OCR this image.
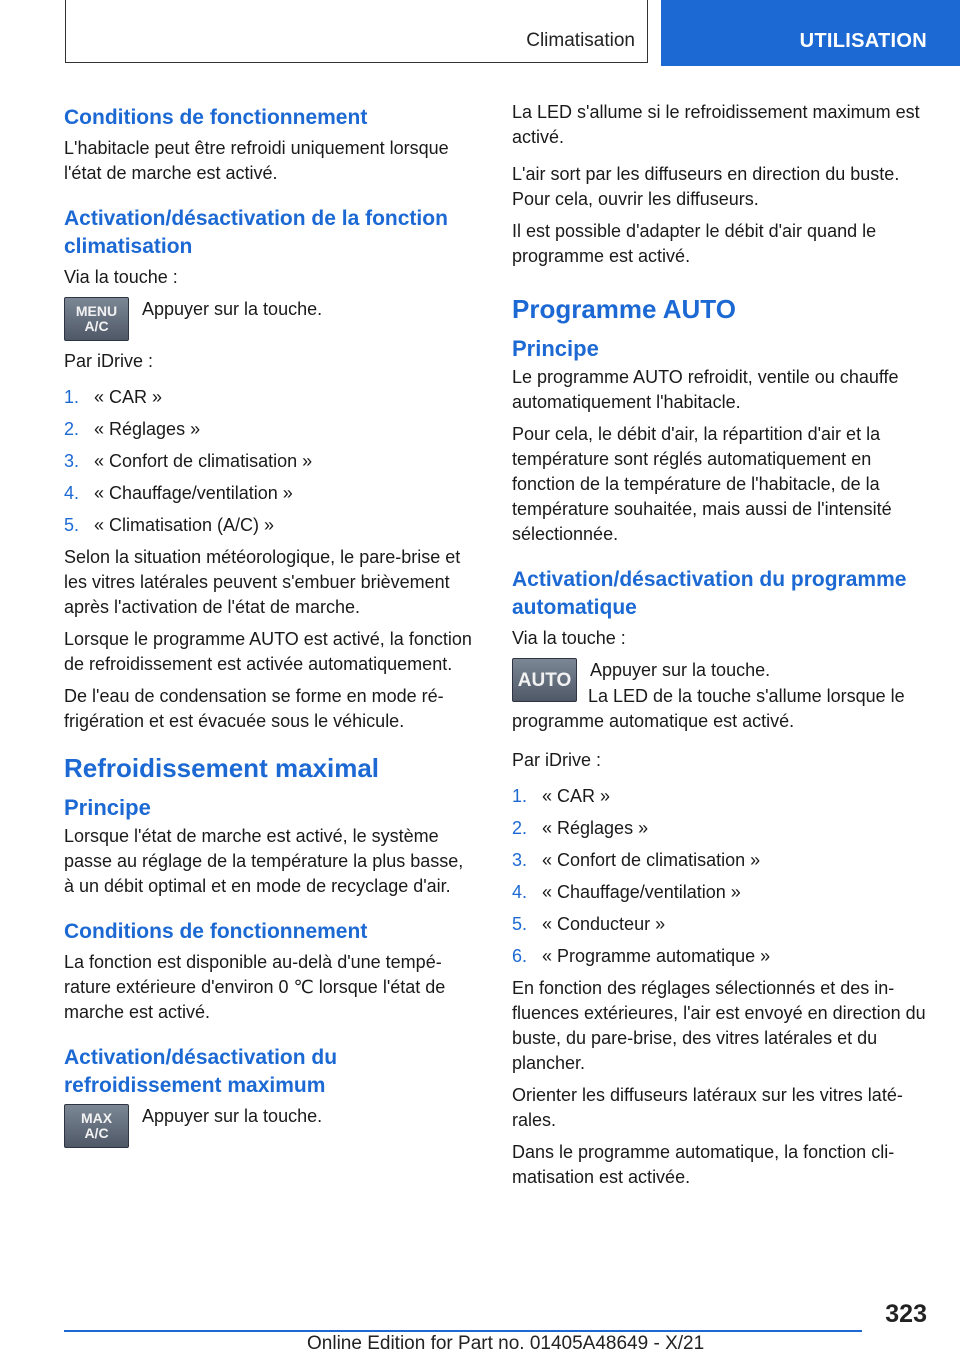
Climatisation	UTILISATION
Conditions de fonctionnement

L'habitacle peut être refroidi uniquement lorsque l'état de marche est activé.

Activation/désactivation de la fonction climatisation

Via la touche :

MENU
A/C
Appuyer sur la touche.

Par iDrive :

1. « CAR »
2. « Réglages »
3. « Confort de climatisation »
4. « Chauffage/ventilation »
5. « Climatisation (A/C) »

Selon la situation météorologique, le pare-brise et les vitres latérales peuvent s'embuer brièvement après l'activation de l'état de marche.

Lorsque le programme AUTO est activé, la fonction de refroidissement est activée automatiquement.

De l'eau de condensation se forme en mode réfrigération et est évacuée sous le véhicule.

Refroidissement maximal
Principe

Lorsque l'état de marche est activé, le système passe au réglage de la température la plus basse, à un débit optimal et en mode de recyclage d'air.

Conditions de fonctionnement

La fonction est disponible au-delà d'une température extérieure d'environ 0 ℃ lorsque l'état de marche est activé.

Activation/désactivation du refroidissement maximum
MAX
A/C
Appuyer sur la touche.

La LED s'allume si le refroidissement maximum est activé.

L'air sort par les diffuseurs en direction du buste. Pour cela, ouvrir les diffuseurs.

Il est possible d'adapter le débit d'air quand le programme est activé.

Programme AUTO
Principe

Le programme AUTO refroidit, ventile ou chauffe automatiquement l'habitacle.

Pour cela, le débit d'air, la répartition d'air et la température sont réglés automatiquement en fonction de la température de l'habitacle, de la température souhaitée, mais aussi de l'intensité sélectionnée.

Activation/désactivation du programme automatique

Via la touche :

AUTO Appuyer sur la touche.

La LED de la touche s'allume lorsque le programme automatique est activé.

Par iDrive :

1. « CAR »
2. « Réglages »
3. « Confort de climatisation »
4. « Chauffage/ventilation »
5. « Conducteur »
6. « Programme automatique »

En fonction des réglages sélectionnés et des influences extérieures, l'air est envoyé en direction du buste, du pare-brise, des vitres latérales et du plancher.

Orienter les diffuseurs latéraux sur les vitres latérales.

Dans le programme automatique, la fonction climatisation est activée.

323
Online Edition for Part no. 01405A48649 - X/21
